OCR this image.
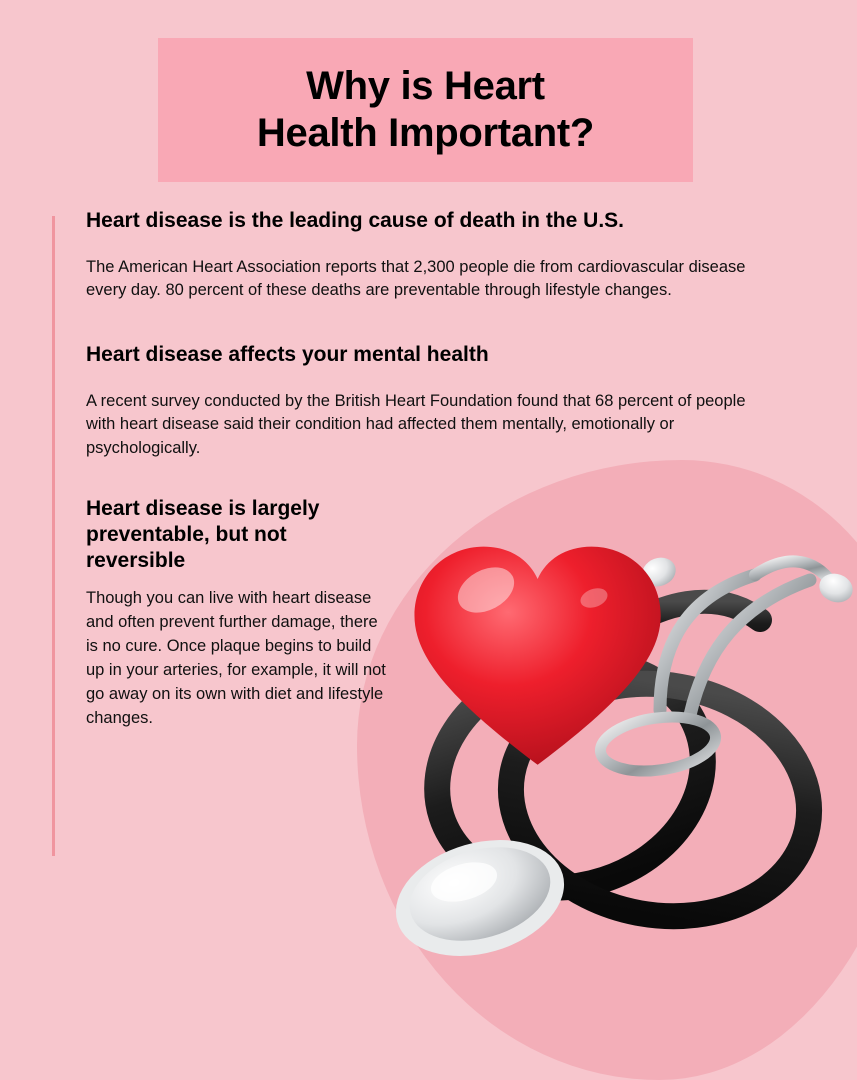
Why is Heart
Health Important?
Heart disease is the leading cause of death in the U.S.

The American Heart Association reports that 2,300 people die from cardiovascular disease every day. 80 percent of these deaths are preventable through lifestyle changes.

Heart disease affects your mental health

A recent survey conducted by the British Heart Foundation found that 68 percent of people with heart disease said their condition had affected them mentally, emotionally or psychologically.

Heart disease is largely preventable, but not reversible

Though you can live with heart disease and often prevent further damage, there is no cure. Once plaque begins to build up in your arteries, for example, it will not go away on its own with diet and lifestyle changes.
